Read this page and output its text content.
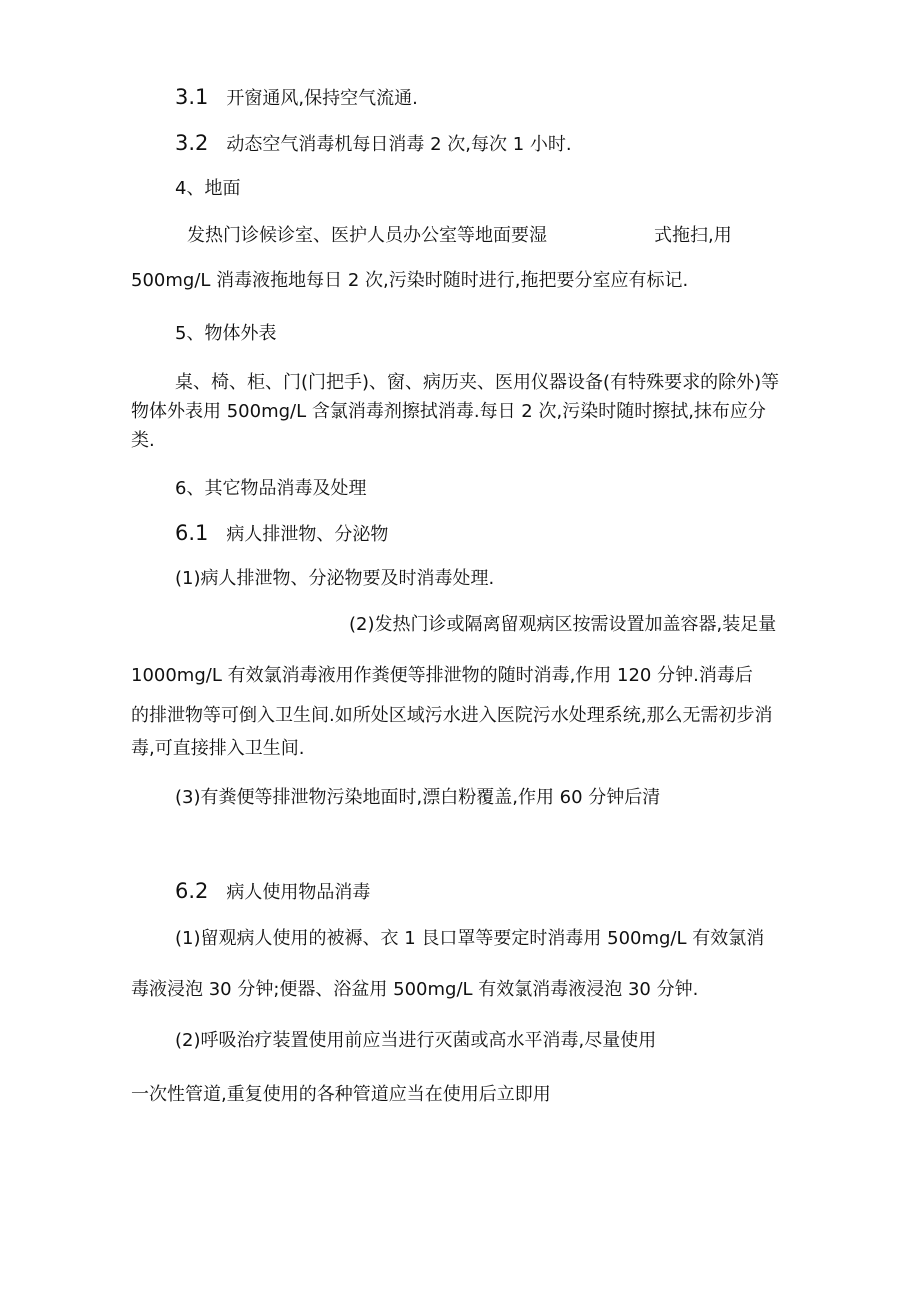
3.1 开窗通风,保持空气流通.
3.2 动态空气消毒机每日消毒 2 次,每次 1 小时.
4、地面
发热门诊候诊室、医护人员办公室等地面要湿	式拖扫,用
500mg/L 消毒液拖地每日 2 次,污染时随时进行,拖把要分室应有标记.
5、物体外表
桌、椅、柜、门(门把手)、窗、病历夹、医用仪器设备(有特殊要求的除外)等
物体外表用 500mg/L 含氯消毒剂擦拭消毒.每日 2 次,污染时随时擦拭,抹布应分
类.
6、其它物品消毒及处理
6.1 病人排泄物、分泌物
(1)病人排泄物、分泌物要及时消毒处理.
(2)发热门诊或隔离留观病区按需设置加盖容器,装足量
1000mg/L 有效氯消毒液用作粪便等排泄物的随时消毒,作用 120 分钟.消毒后
的排泄物等可倒入卫生间.如所处区域污水进入医院污水处理系统,那么无需初步消
毒,可直接排入卫生间.
(3)有粪便等排泄物污染地面时,漂白粉覆盖,作用 60 分钟后清
6.2 病人使用物品消毒
(1)留观病人使用的被褥、衣 1 艮口罩等要定时消毒用 500mg/L 有效氯消
毒液浸泡 30 分钟;便器、浴盆用 500mg/L 有效氯消毒液浸泡 30 分钟.
(2)呼吸治疗装置使用前应当进行灭菌或高水平消毒,尽量使用
一次性管道,重复使用的各种管道应当在使用后立即用
